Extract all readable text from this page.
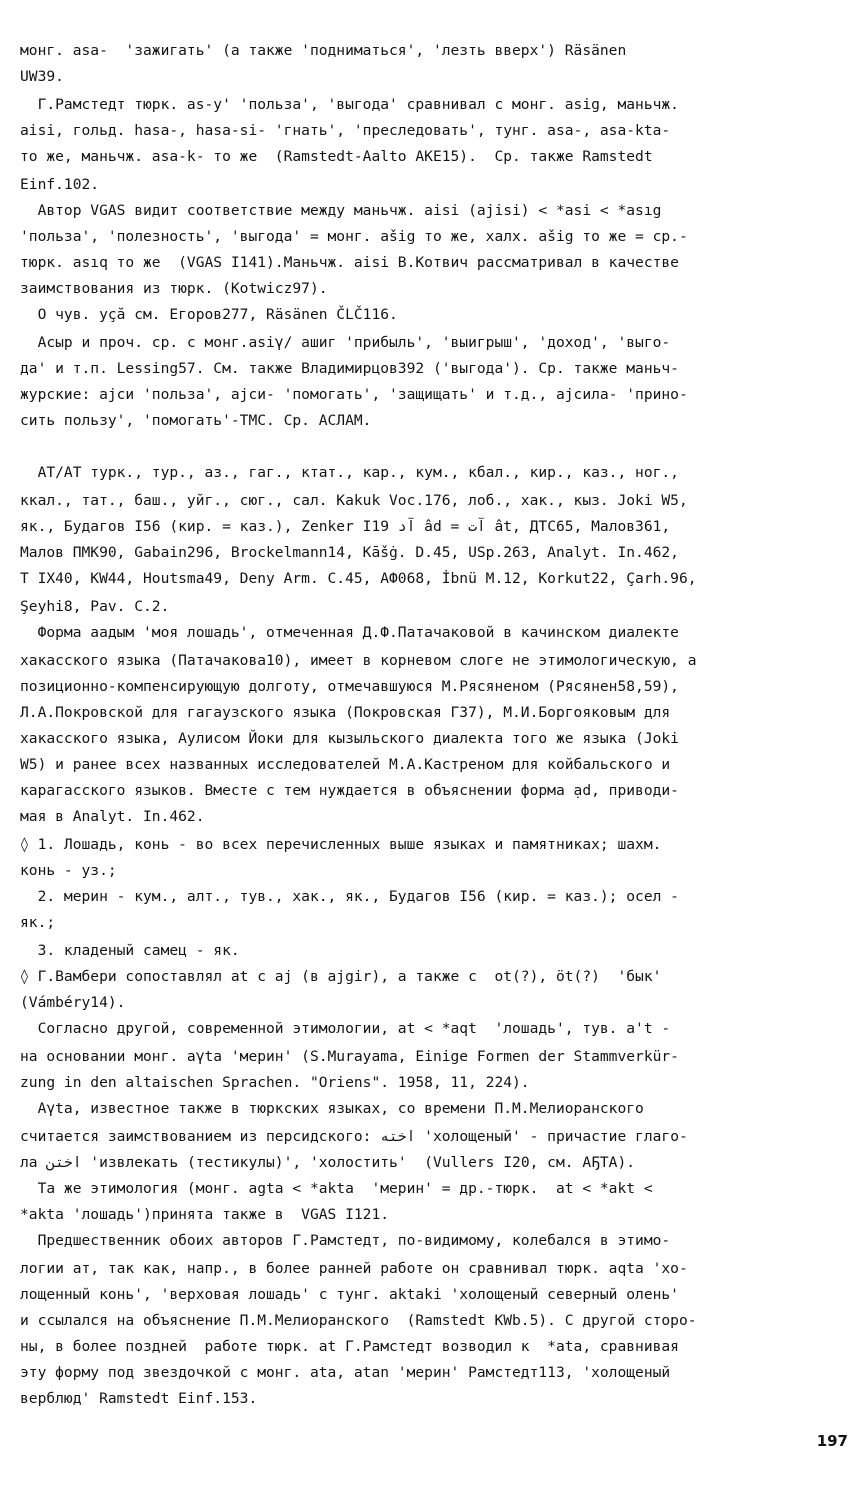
монг. asa-  'зажигать' (а также 'подниматься', 'лезть вверх') Räsänen
UW39.
Г.Рамстедт тюрк. as-y' 'польза', 'выгода' сравнивал с монг. asig, маньчж.
aisi, гольд. hasa-, hasa-si- 'гнать', 'преследовать', тунг. asa-, asa-kta-
то же, маньчж. asa-k- то же  (Ramstedt-Aalto AKE15).  Ср. также Ramstedt
Einf.102.
Автор VGAS видит соответствие между маньчж. aisi (ajisi) < *asi < *asıg
'польза', 'полезность', 'выгода' = монг. ašig то же, халх. ašig то же = ср.-
тюрк. asıq то же  (VGAS I141).Маньчж. aisi В.Котвич рассматривал в качестве
заимствования из тюрк. (Kotwicz97).
О чув. уçă см. Егоров277, Räsänen ČLČ116.
Асыр и проч. ср. с монг.asiγ/ ашиг 'прибыль', 'выигрыш', 'доход', 'выго-
да' и т.п. Lessing57. См. также Владимирцов392 ('выгода'). Ср. также маньч-
журские: аjси 'польза', аjси- 'помогать', 'защищать' и т.д., аjсила- 'прино-
сить пользу', 'помогать'-ТМС. Ср. АСЛАМ.
АТ/АТ турк., тур., аз., гаг., ктат., кар., кум., кбал., кир., каз., ног.,
ккал., тат., баш., уйг., сюг., сал. Kakuk Voc.176, лоб., хак., кыз. Joki W5,
як., Будагов I56 (кир. = каз.), Zenker I19 آد âd = آت ât, ДТС65, Малов361,
Малов ПМК90, Gabain296, Brockelmann14, Kāšġ. D.45, USp.263, Analyt. In.462,
Т IX40, KW44, Houtsma49, Deny Arm. C.45, АФ068, İbnü M.12, Korkut22, Çarh.96,
Şeyhi8, Pav. C.2.
Форма аадым 'моя лошадь', отмеченная Д.Ф.Патачаковой в качинском диалекте
хакасского языка (Патачакова10), имеет в корневом слоге не этимологическую, а
позиционно-компенсирующую долготу, отмечавшуюся М.Рясяненом (Рясянен58,59),
Л.А.Покровской для гагаузского языка (Покровская Г37), М.И.Боргояковым для
хакасского языка, Аулисом Йоки для кызыльского диалекта того же языка (Joki
W5) и ранее всех названных исследователей М.А.Кастреном для койбальского и
карагасского языков. Вместе с тем нуждается в объяснении форма ạd, приводи-
мая в Analyt. In.462.
◊ 1. Лошадь, конь - во всех перечисленных выше языках и памятниках; шахм.
конь - уз.;
2. мерин - кум., алт., тув., хак., як., Будагов I56 (кир. = каз.); осел -
як.;
3. кладеный самец - як.
◊ Г.Вамбери сопоставлял at с aj (в ajgir), а также с  ot(?), öt(?)  'бык'
(Vámbéry14).
Согласно другой, современной этимологии, at < *aqt  'лошадь', тув. a't -
на основании монг. aγta 'мерин' (S.Murayama, Einige Formen der Stammverkür-
zung in den altaischen Sprachen. "Oriens". 1958, 11, 224).
Aγta, известное также в тюркских языках, со времени П.М.Мелиоранского
считается заимствованием из персидского: اخته 'холощеный' - причастие глаго-
ла اختن 'извлекать (тестикулы)', 'холостить'  (Vullers I20, см. АҔТА).
Та же этимология (монг. agta < *akta  'мерин' = др.-тюрк.  at < *akt <
*akta 'лошадь')принята также в  VGAS I121.
Предшественник обоих авторов Г.Рамстедт, по-видимому, колебался в этимо-
логии ат, так как, напр., в более ранней работе он сравнивал тюрк. aqta 'хо-
лощенный конь', 'верховая лошадь' с тунг. aktaki 'холощеный северный олень'
и ссылался на объяснение П.М.Мелиоранского  (Ramstedt KWb.5). С другой сторо-
ны, в более поздней  работе тюрк. at Г.Рамстедт возводил к  *ata, сравнивая
эту форму под звездочкой с монг. ata, atan 'мерин' Рамстедт113, 'холощеный
верблюд' Ramstedt Einf.153.
197
